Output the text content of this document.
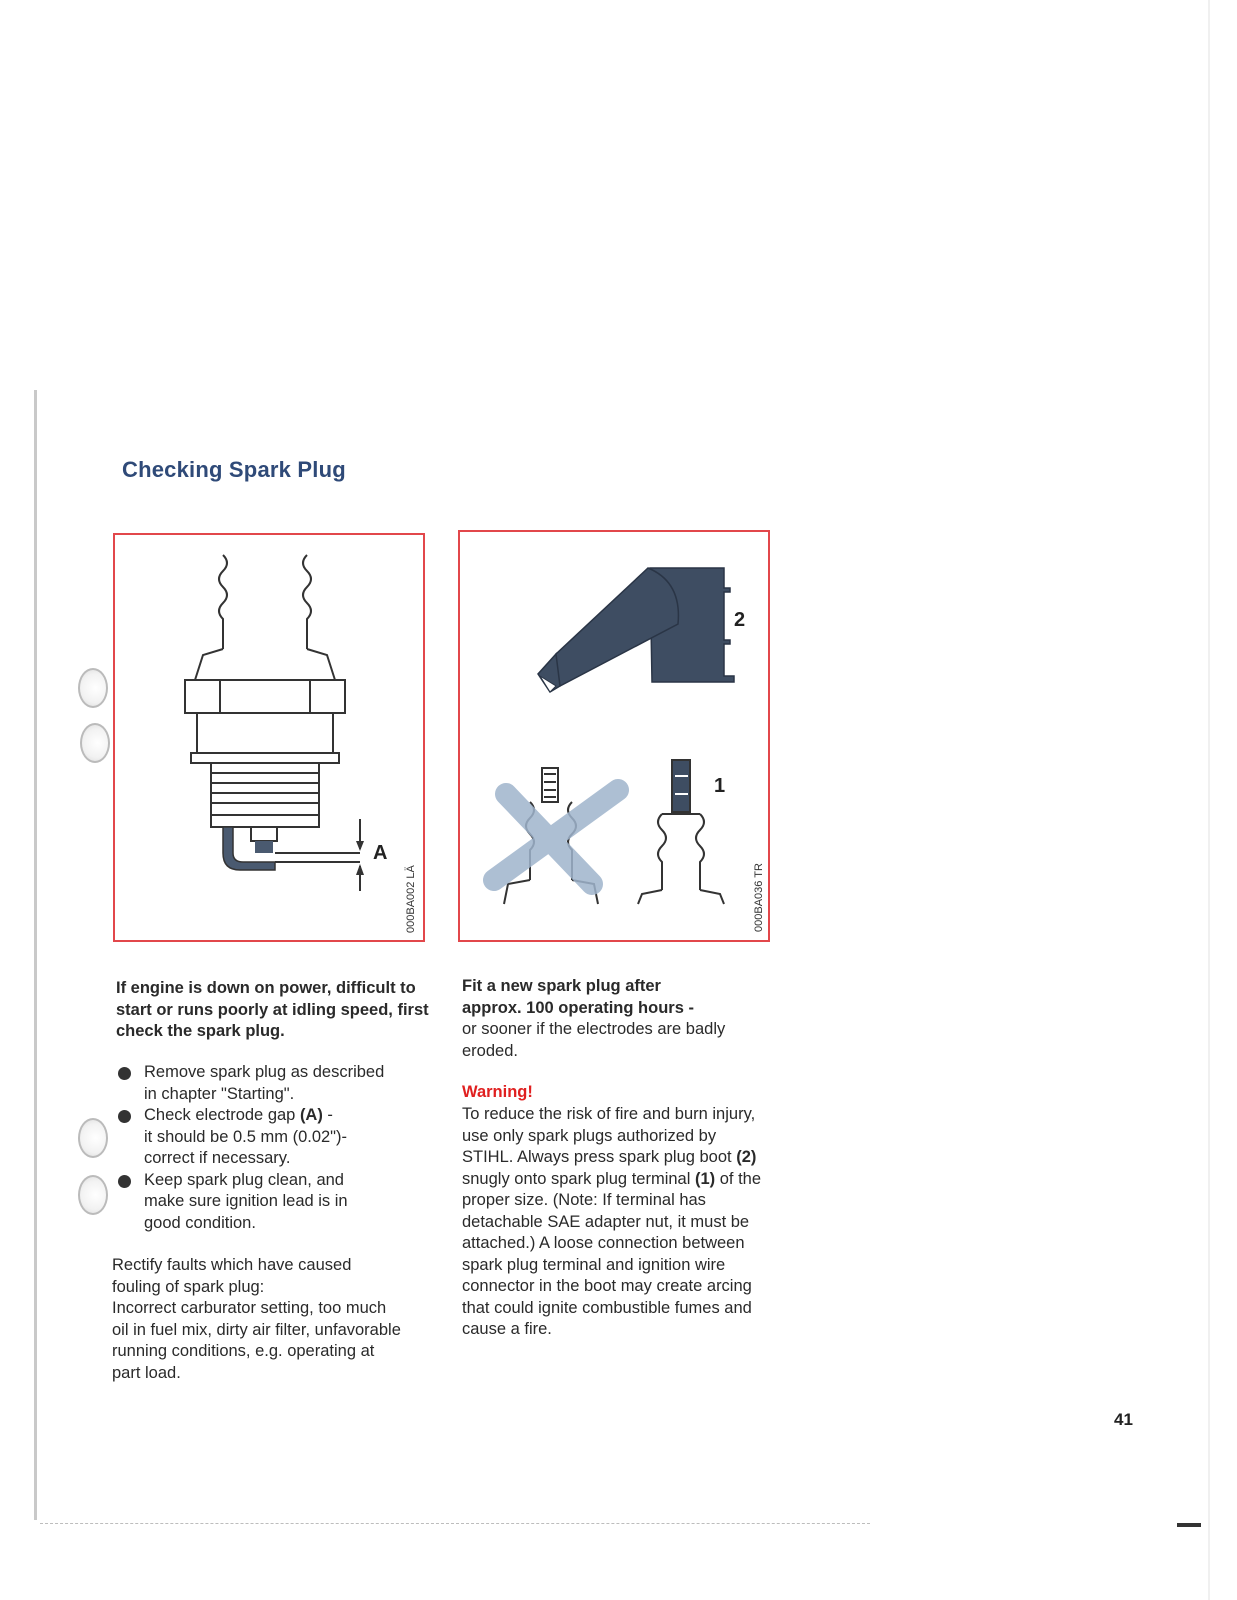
Checking Spark Plug
A
000BA002 LÄ
2
1
000BA036 TR
If engine is down on power, difficult to start or runs poorly at idling speed, first check the spark plug.
Remove spark plug as described
in chapter "Starting".
Check electrode gap (A) -
it should be 0.5 mm (0.02")-
correct if necessary.
Keep spark plug clean, and
make sure ignition lead is in
good condition.
Rectify faults which have caused
fouling of spark plug:
Incorrect carburator setting, too much
oil in fuel mix, dirty air filter, unfavorable
running conditions, e.g. operating at
part load.
Fit a new spark plug after
approx. 100 operating hours -
or sooner if the electrodes are badly
eroded.
Warning!
To reduce the risk of fire and burn injury,
use only spark plugs authorized by
STIHL. Always press spark plug boot (2)
snugly onto spark plug terminal (1) of the
proper size. (Note: If terminal has
detachable SAE adapter nut, it must be
attached.) A loose connection between
spark plug terminal and ignition wire
connector in the boot may create arcing
that could ignite combustible fumes and
cause a fire.
41
